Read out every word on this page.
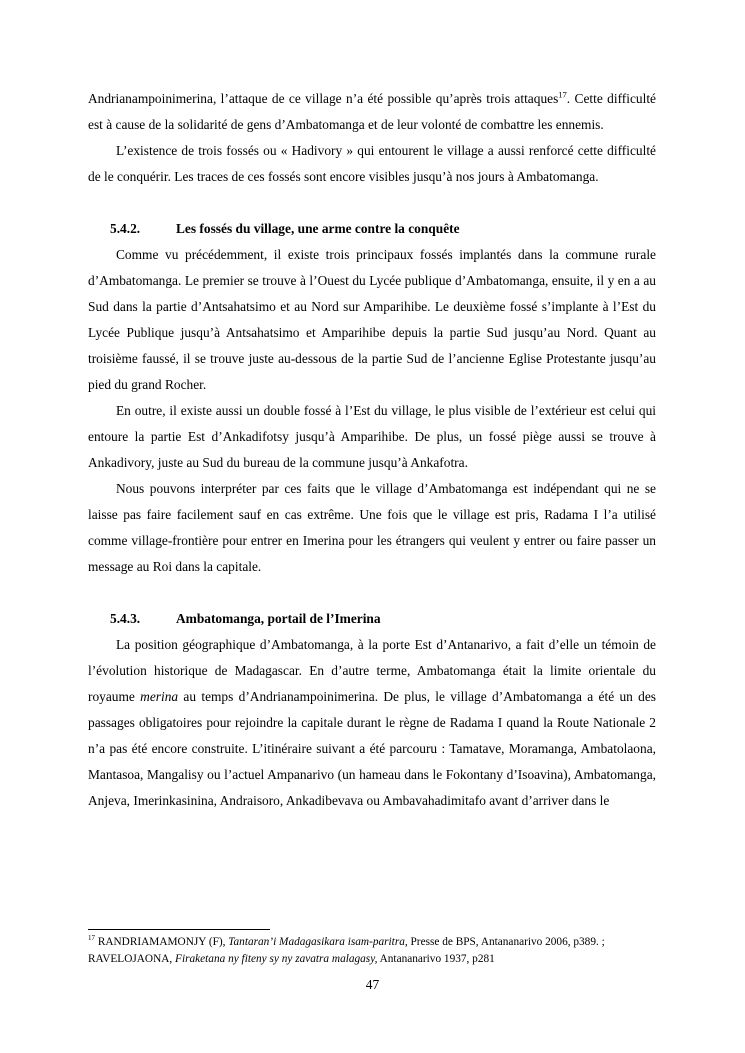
Andrianampoinimerina, l’attaque de ce village n’a été possible qu’après trois attaques$^{17}$. Cette difficulté est à cause de la solidarité de gens d’Ambatomanga et de leur volonté de combattre les ennemis.

L’existence de trois fossés ou « Hadivory » qui entourent le village a aussi renforcé cette difficulté de le conquérir. Les traces de ces fossés sont encore visibles jusqu’à nos jours à Ambatomanga.

5.4.2.	Les fossés du village, une arme contre la conquête

Comme vu précédemment, il existe trois principaux fossés implantés dans la commune rurale d’Ambatomanga. Le premier se trouve à l’Ouest du Lycée publique d’Ambatomanga, ensuite, il y en a au Sud dans la partie d’Antsahatsimo et au Nord sur Amparihibe. Le deuxième fossé s’implante à l’Est du Lycée Publique jusqu’à Antsahatsimo et Amparihibe depuis la partie Sud jusqu’au Nord. Quant au troisième faussé, il se trouve juste au-dessous de la partie Sud de l’ancienne Eglise Protestante jusqu’au pied du grand Rocher.

En outre, il existe aussi un double fossé à l’Est du village, le plus visible de l’extérieur est celui qui entoure la partie Est d’Ankadifotsy jusqu’à Amparihibe. De plus, un fossé piège aussi se trouve à Ankadivory, juste au Sud du bureau de la commune jusqu’à Ankafotra.

Nous pouvons interpréter par ces faits que le village d’Ambatomanga est indépendant qui ne se laisse pas faire facilement sauf en cas extrême. Une fois que le village est pris, Radama I l’a utilisé comme village-frontière pour entrer en Imerina pour les étrangers qui veulent y entrer ou faire passer un message au Roi dans la capitale.

5.4.3.	Ambatomanga, portail de l’Imerina

La position géographique d’Ambatomanga, à la porte Est d’Antanarivo, a fait d’elle un témoin de l’évolution historique de Madagascar. En d’autre terme, Ambatomanga était la limite orientale du royaume merina au temps d’Andrianampoinimerina. De plus, le village d’Ambatomanga a été un des passages obligatoires pour rejoindre la capitale durant le règne de Radama I quand la Route Nationale 2 n’a pas été encore construite. L’itinéraire suivant a été parcouru : Tamatave, Moramanga, Ambatolaona, Mantasoa, Mangalisy ou l’actuel Ampanarivo (un hameau dans le Fokontany d’Isoavina), Ambatomanga, Anjeva, Imerinkasinina, Andraisoro, Ankadibevava ou Ambavahadimitafo avant d’arriver dans le

$^{17}$ RANDRIAMAMONJY (F), Tantaran’i Madagasikara isam-paritra, Presse de BPS, Antananarivo 2006, p389. ; RAVELOJAONA, Firaketana ny fiteny sy ny zavatra malagasy, Antananarivo 1937, p281
47
